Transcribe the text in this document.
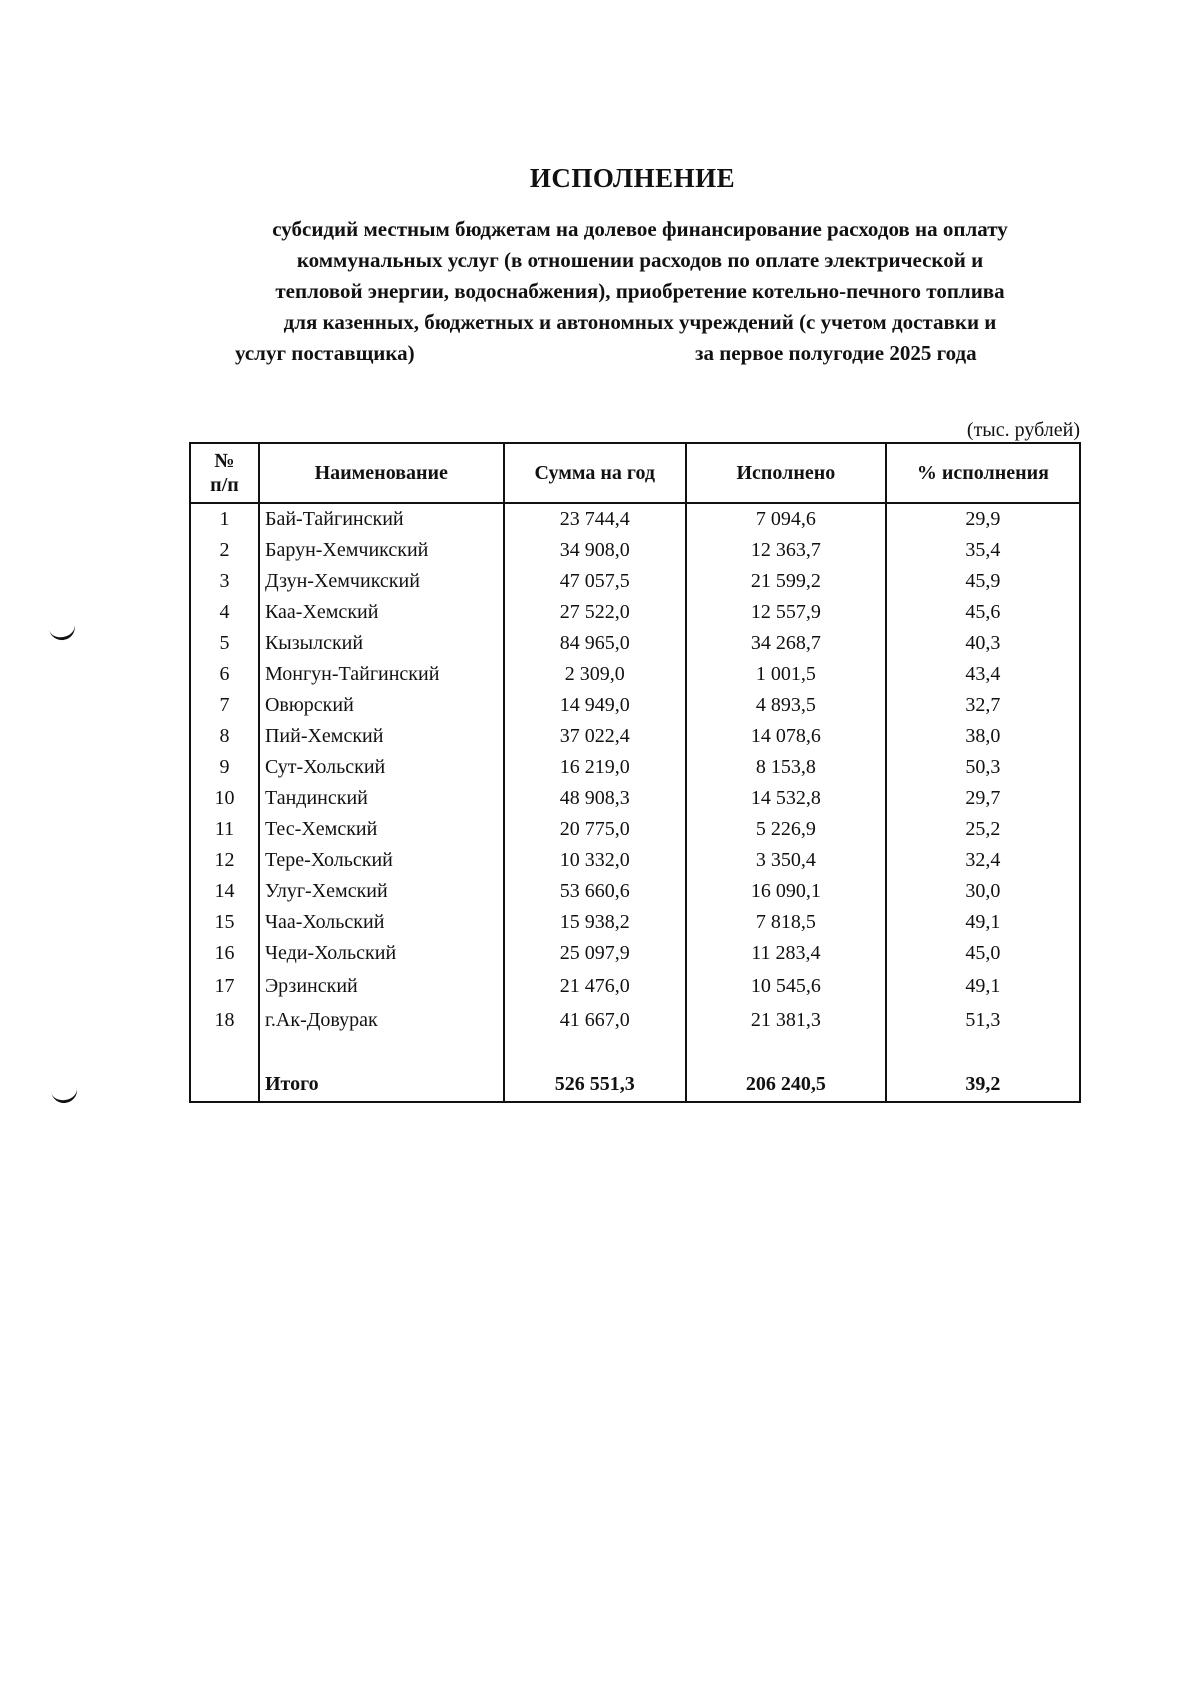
ИСПОЛНЕНИЕ
субсидий местным бюджетам на долевое финансирование расходов на оплату
коммунальных услуг (в отношении расходов по оплате электрической и
тепловой энергии, водоснабжения), приобретение котельно-печного топлива
для казенных, бюджетных и автономных учреждений (с учетом доставки и
услуг поставщика)	за первое полугодие 2025 года
(тыс. рублей)
№
п/п	Наименование	Сумма на год	Исполнено	% исполнения
1	Бай-Тайгинский	23 744,4	7 094,6	29,9
2	Барун-Хемчикский	34 908,0	12 363,7	35,4
3	Дзун-Хемчикский	47 057,5	21 599,2	45,9
4	Каа-Хемский	27 522,0	12 557,9	45,6
5	Кызылский	84 965,0	34 268,7	40,3
6	Монгун-Тайгинский	2 309,0	1 001,5	43,4
7	Овюрский	14 949,0	4 893,5	32,7
8	Пий-Хемский	37 022,4	14 078,6	38,0
9	Сут-Хольский	16 219,0	8 153,8	50,3
10	Тандинский	48 908,3	14 532,8	29,7
11	Тес-Хемский	20 775,0	5 226,9	25,2
12	Тере-Хольский	10 332,0	3 350,4	32,4
14	Улуг-Хемский	53 660,6	16 090,1	30,0
15	Чаа-Хольский	15 938,2	7 818,5	49,1
16	Чеди-Хольский	25 097,9	11 283,4	45,0
17	Эрзинский	21 476,0	10 545,6	49,1
18	г.Ак-Довурак	41 667,0	21 381,3	51,3

	Итого	526 551,3	206 240,5	39,2
